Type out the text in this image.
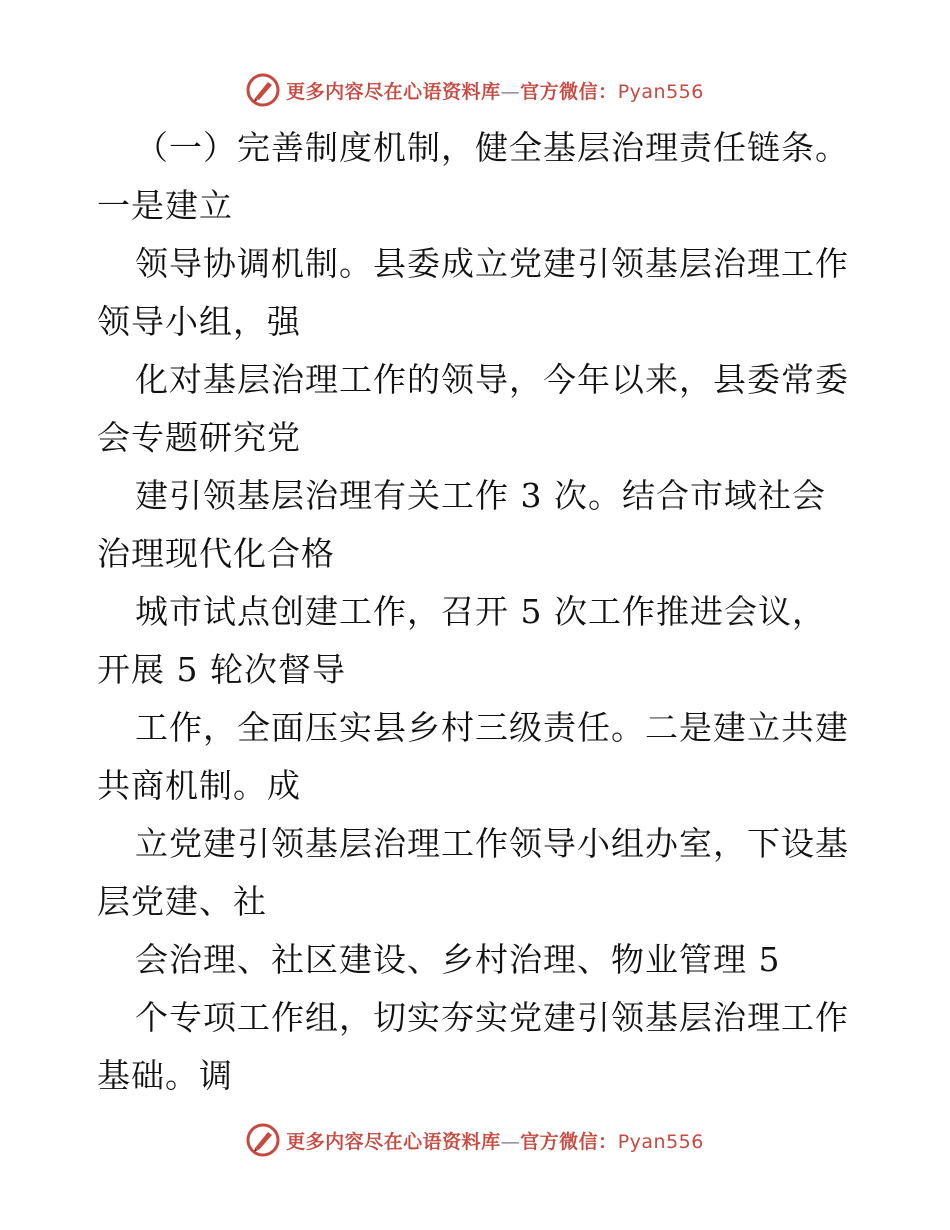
更多内容尽在心语资料库—官方微信：Pyan556
（一）完善制度机制，健全基层治理责任链条。
一是建立
领导协调机制。县委成立党建引领基层治理工作
领导小组，强
化对基层治理工作的领导，今年以来，县委常委
会专题研究党
建引领基层治理有关工作 3 次。结合市域社会
治理现代化合格
城市试点创建工作，召开 5 次工作推进会议，
开展 5 轮次督导
工作，全面压实县乡村三级责任。二是建立共建
共商机制。成
立党建引领基层治理工作领导小组办室，下设基
层党建、社
会治理、社区建设、乡村治理、物业管理 5
个专项工作组，切实夯实党建引领基层治理工作
基础。调
更多内容尽在心语资料库—官方微信：Pyan556
